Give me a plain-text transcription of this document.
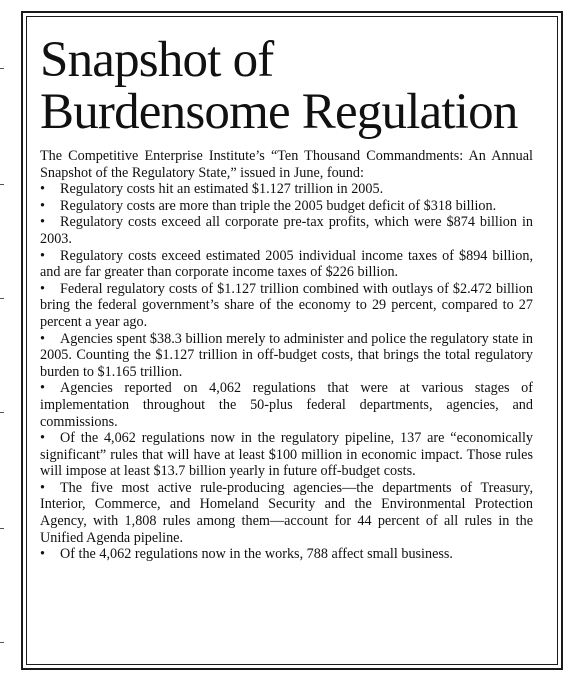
Snapshot of
Burdensome Regulation

The Competitive Enterprise Institute’s “Ten Thousand Commandments: An Annual Snapshot of the Regulatory State,” issued in June, found:

• Regulatory costs hit an estimated $1.127 trillion in 2005.

• Regulatory costs are more than triple the 2005 budget deficit of $318 billion.

• Regulatory costs exceed all corporate pre-tax profits, which were $874 billion in 2003.

• Regulatory costs exceed estimated 2005 individual income taxes of $894 billion, and are far greater than corporate income taxes of $226 billion.

• Federal regulatory costs of $1.127 trillion combined with outlays of $2.472 billion bring the federal government’s share of the economy to 29 percent, compared to 27 percent a year ago.

• Agencies spent $38.3 billion merely to administer and police the regulatory state in 2005. Counting the $1.127 trillion in off-budget costs, that brings the total regulatory burden to $1.165 trillion.

• Agencies reported on 4,062 regulations that were at various stages of implementation throughout the 50-plus federal departments, agencies, and commissions.

• Of the 4,062 regulations now in the regulatory pipeline, 137 are “economically significant” rules that will have at least $100 million in economic impact. Those rules will impose at least $13.7 billion yearly in future off-budget costs.

• The five most active rule-producing agencies—the departments of Treasury, Interior, Commerce, and Homeland Security and the Environmental Protection Agency, with 1,808 rules among them—account for 44 percent of all rules in the Unified Agenda pipeline.

• Of the 4,062 regulations now in the works, 788 affect small business.
